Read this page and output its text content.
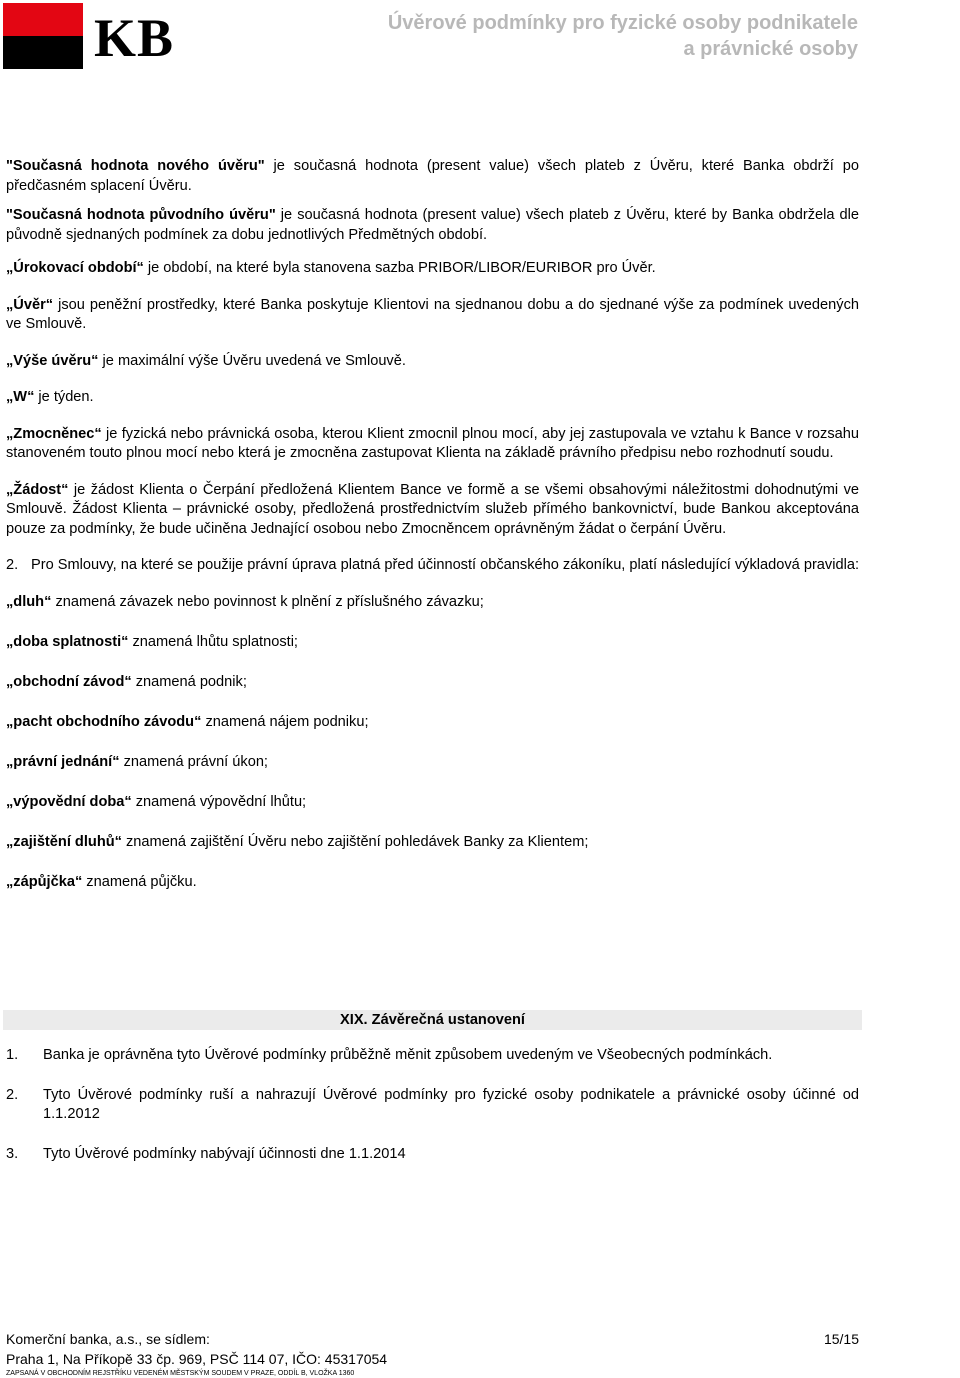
KB	Úvěrové podmínky pro fyzické osoby podnikatele
a právnické osoby

"Současná hodnota nového úvěru" je současná hodnota (present value) všech plateb z Úvěru, které Banka obdrží po předčasném splacení Úvěru.

"Současná hodnota původního úvěru" je současná hodnota (present value) všech plateb z Úvěru, které by Banka obdržela dle původně sjednaných podmínek za dobu jednotlivých Předmětných období.

„Úrokovací období“ je období, na které byla stanovena sazba PRIBOR/LIBOR/EURIBOR pro Úvěr.

„Úvěr“ jsou peněžní prostředky, které Banka poskytuje Klientovi na sjednanou dobu a do sjednané výše za podmínek uvedených ve Smlouvě.

„Výše úvěru“ je maximální výše Úvěru uvedená ve Smlouvě.

„W“ je týden.

„Zmocněnec“ je fyzická nebo právnická osoba, kterou Klient zmocnil plnou mocí, aby jej zastupovala ve vztahu k Bance v rozsahu stanoveném touto plnou mocí nebo která je zmocněna zastupovat Klienta na základě právního předpisu nebo rozhodnutí soudu.

„Žádost“ je žádost Klienta o Čerpání předložená Klientem Bance ve formě a se všemi obsahovými náležitostmi dohodnutými ve Smlouvě. Žádost Klienta – právnické osoby, předložená prostřednictvím služeb přímého bankovnictví, bude Bankou akceptována pouze za podmínky, že bude učiněna Jednající osobou nebo Zmocněncem oprávněným žádat o čerpání Úvěru.

2. Pro Smlouvy, na které se použije právní úprava platná před účinností občanského zákoníku, platí následující výkladová pravidla:

„dluh“ znamená závazek nebo povinnost k plnění z příslušného závazku;

„doba splatnosti“ znamená lhůtu splatnosti;

„obchodní závod“ znamená podnik;

„pacht obchodního závodu“ znamená nájem podniku;

„právní jednání“ znamená právní úkon;

„výpovědní doba“ znamená výpovědní lhůtu;

„zajištění dluhů“ znamená zajištění Úvěru nebo zajištění pohledávek Banky za Klientem;

„zápůjčka“ znamená půjčku.

XIX. Závěrečná ustanovení
1. Banka je oprávněna tyto Úvěrové podmínky průběžně měnit způsobem uvedeným ve Všeobecných podmínkách.
2. Tyto Úvěrové podmínky ruší a nahrazují Úvěrové podmínky pro fyzické osoby podnikatele a právnické osoby účinné od 1.1.2012
3. Tyto Úvěrové podmínky nabývají účinnosti dne 1.1.2014
Komerční banka, a.s., se sídlem:
Praha 1, Na Příkopě 33 čp. 969, PSČ 114 07, IČO: 45317054
ZAPSANÁ V OBCHODNÍM REJSTŘÍKU VEDENÉM MĚSTSKÝM SOUDEM V PRAZE, ODDÍL B, VLOŽKA 1360
15/15
